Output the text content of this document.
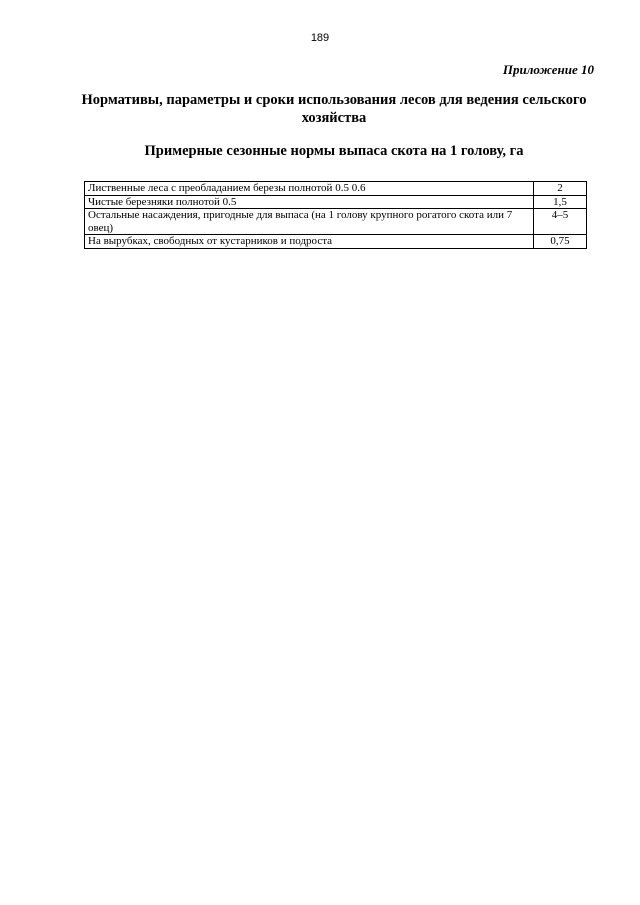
189
Приложение 10
Нормативы, параметры и сроки использования лесов для ведения сельского хозяйства
Примерные сезонные нормы выпаса скота на 1 голову, га
Лиственные леса с преобладанием березы полнотой 0.5 0.6	2
Чистые березняки полнотой 0.5	1,5
Остальные насаждения, пригодные для выпаса (на 1 голову крупного рогатого скота или 7 овец)	4–5
На вырубках, свободных от кустарников и подроста	0,75
